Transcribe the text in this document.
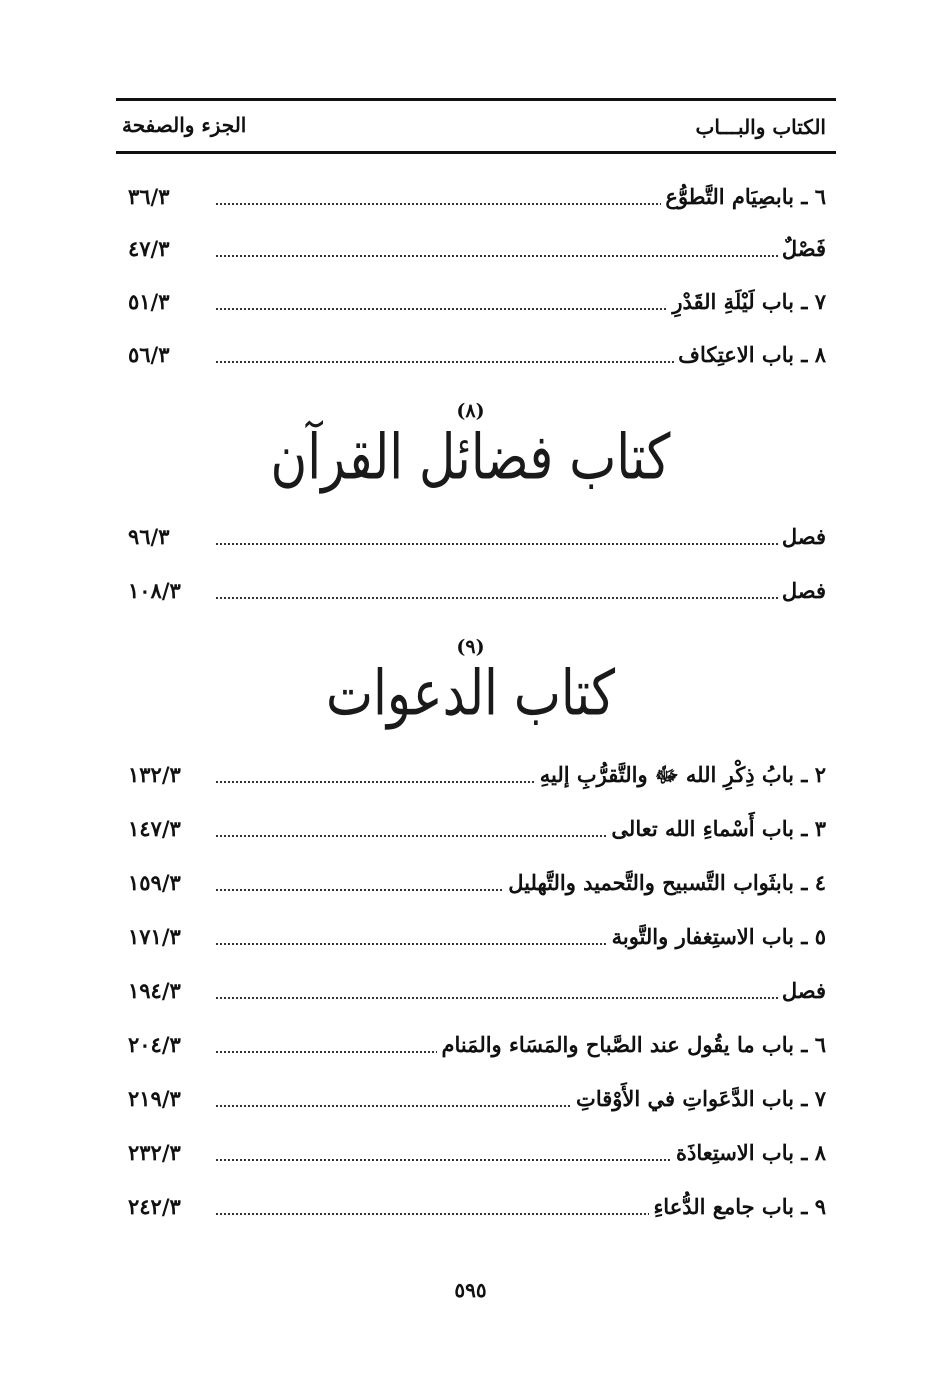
الكتاب والبـــاب
الجزء والصفحة
٦ ـ بابصِيَام التَّطوُّع
٣٦/٣
فَصْلٌ
٤٧/٣
٧ ـ باب لَيْلَةِ القَدْرِ
٥١/٣
٨ ـ باب الاعتِكاف
٥٦/٣
(٨)
كتاب فضائل القرآن
فصل
٩٦/٣
فصل
١٠٨/٣
(٩)
كتاب الدعوات
٢ ـ بابُ ذِكْرِ الله ﷻ والتَّقرُّبِ إليهِ
١٣٢/٣
٣ ـ باب أَسْماءِ الله تعالى
١٤٧/٣
٤ ـ بابثَواب التَّسبيح والتَّحميد والتَّهليل
١٥٩/٣
٥ ـ باب الاستِغفار والتَّوبة
١٧١/٣
فصل
١٩٤/٣
٦ ـ باب ما يقُول عند الصَّباح والمَسَاء والمَنام
٢٠٤/٣
٧ ـ باب الدَّعَواتِ في الأَوْقاتِ
٢١٩/٣
٨ ـ باب الاستِعاذَة
٢٣٢/٣
٩ ـ باب جامع الدُّعاءِ
٢٤٢/٣
٥٩٥
